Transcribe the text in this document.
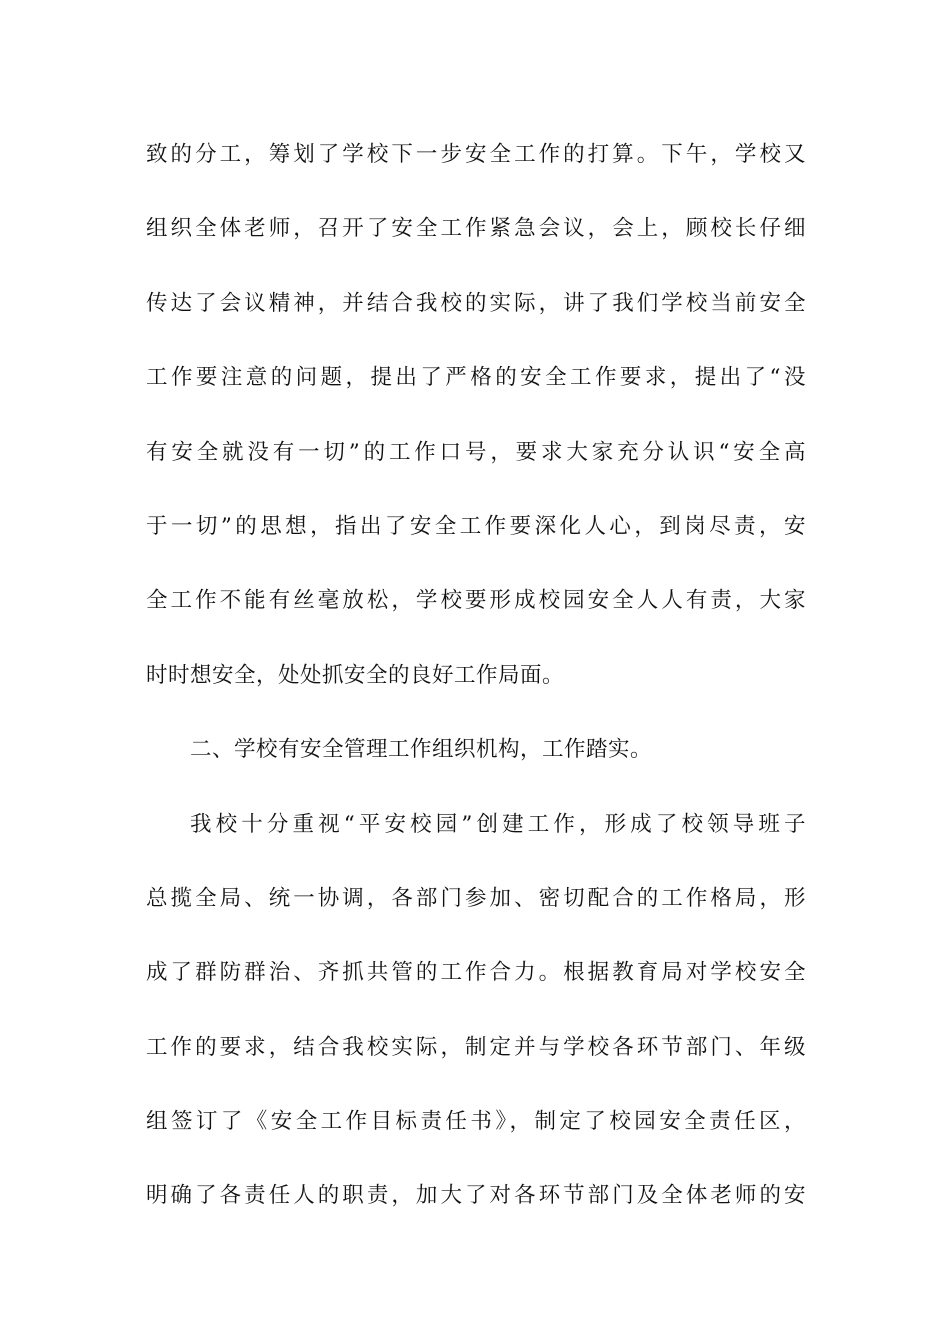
致的分工，筹划了学校下一步安全工作的打算。下午，学校又
组织全体老师，召开了安全工作紧急会议，会上，顾校长仔细
传达了会议精神，并结合我校的实际，讲了我们学校当前安全
工作要注意的问题，提出了严格的安全工作要求，提出了“没
有安全就没有一切”的工作口号，要求大家充分认识“安全高
于一切”的思想，指出了安全工作要深化人心，到岗尽责，安
全工作不能有丝毫放松，学校要形成校园安全人人有责，大家
时时想安全，处处抓安全的良好工作局面。
二、学校有安全管理工作组织机构，工作踏实。
我校十分重视“平安校园”创建工作，形成了校领导班子
总揽全局、统一协调，各部门参加、密切配合的工作格局，形
成了群防群治、齐抓共管的工作合力。根据教育局对学校安全
工作的要求，结合我校实际，制定并与学校各环节部门、年级
组签订了《安全工作目标责任书》，制定了校园安全责任区，
明确了各责任人的职责，加大了对各环节部门及全体老师的安
